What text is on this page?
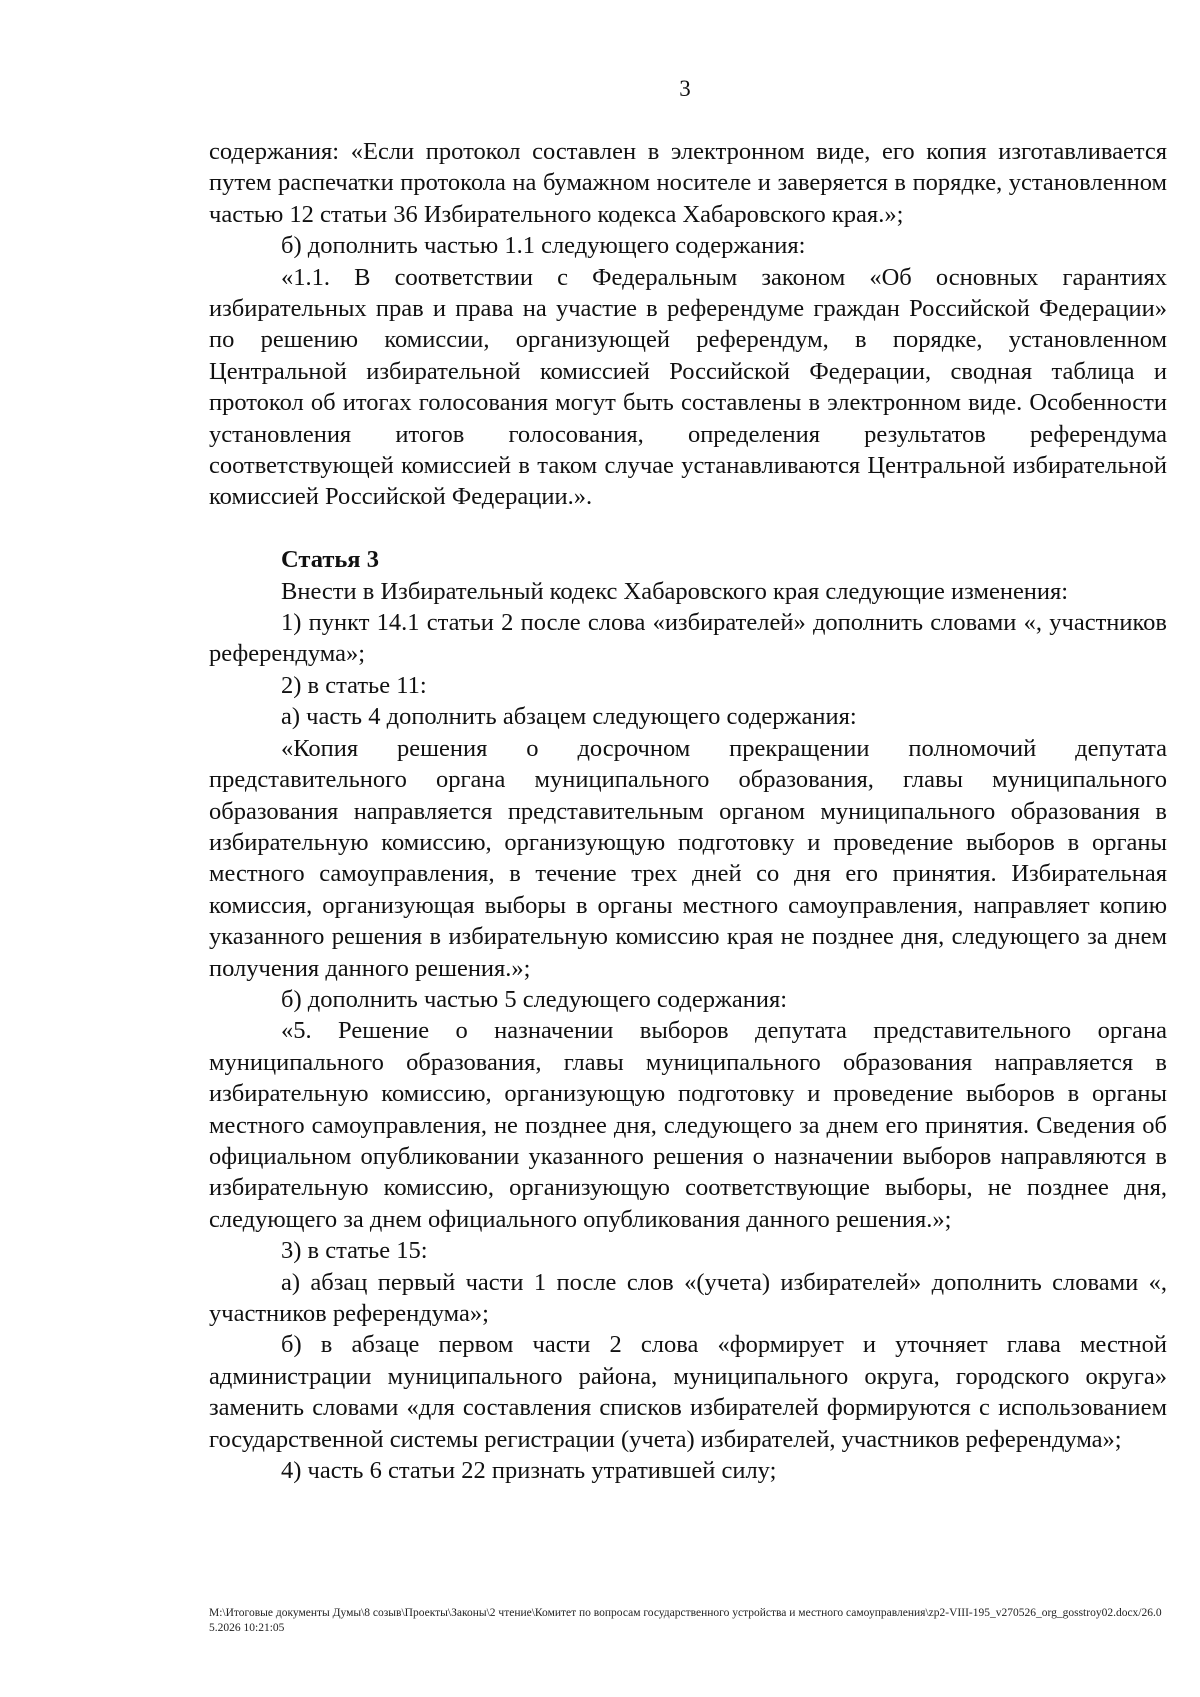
3

содержания: «Если протокол составлен в электронном виде, его копия изготавливается путем распечатки протокола на бумажном носителе и заверяется в порядке, установленном частью 12 статьи 36 Избирательного кодекса Хабаровского края.»;

б) дополнить частью 1.1 следующего содержания:

«1.1. В соответствии с Федеральным законом «Об основных гарантиях избирательных прав и права на участие в референдуме граждан Российской Федерации» по решению комиссии, организующей референдум, в порядке, установленном Центральной избирательной комиссией Российской Федерации, сводная таблица и протокол об итогах голосования могут быть составлены в электронном виде. Особенности установления итогов голосования, определения результатов референдума соответствующей комиссией в таком случае устанавливаются Центральной избирательной комиссией Российской Федерации.».

Статья 3

Внести в Избирательный кодекс Хабаровского края следующие изменения:

1) пункт 14.1 статьи 2 после слова «избирателей» дополнить словами «, участников референдума»;

2) в статье 11:

а) часть 4 дополнить абзацем следующего содержания:

«Копия решения о досрочном прекращении полномочий депутата представительного органа муниципального образования, главы муниципального образования направляется представительным органом муниципального образования в избирательную комиссию, организующую подготовку и проведение выборов в органы местного самоуправления, в течение трех дней со дня его принятия. Избирательная комиссия, организующая выборы в органы местного самоуправления, направляет копию указанного решения в избирательную комиссию края не позднее дня, следующего за днем получения данного решения.»;

б) дополнить частью 5 следующего содержания:

«5. Решение о назначении выборов депутата представительного органа муниципального образования, главы муниципального образования направляется в избирательную комиссию, организующую подготовку и проведение выборов в органы местного самоуправления, не позднее дня, следующего за днем его принятия. Сведения об официальном опубликовании указанного решения о назначении выборов направляются в избирательную комиссию, организующую соответствующие выборы, не позднее дня, следующего за днем официального опубликования данного решения.»;

3) в статье 15:

а) абзац первый части 1 после слов «(учета) избирателей» дополнить словами «, участников референдума»;

б) в абзаце первом части 2 слова «формирует и уточняет глава местной администрации муниципального района, муниципального округа, городского округа» заменить словами «для составления списков избирателей формируются с использованием государственной системы регистрации (учета) избирателей, участников референдума»;

4) часть 6 статьи 22 признать утратившей силу;

М:\Итоговые документы Думы\8 созыв\Проекты\Законы\2 чтение\Комитет по вопросам государственного устройства и местного самоуправления\zp2-VIII-195_v270526_org_gosstroy02.docx/26.05.2026 10:21:05
